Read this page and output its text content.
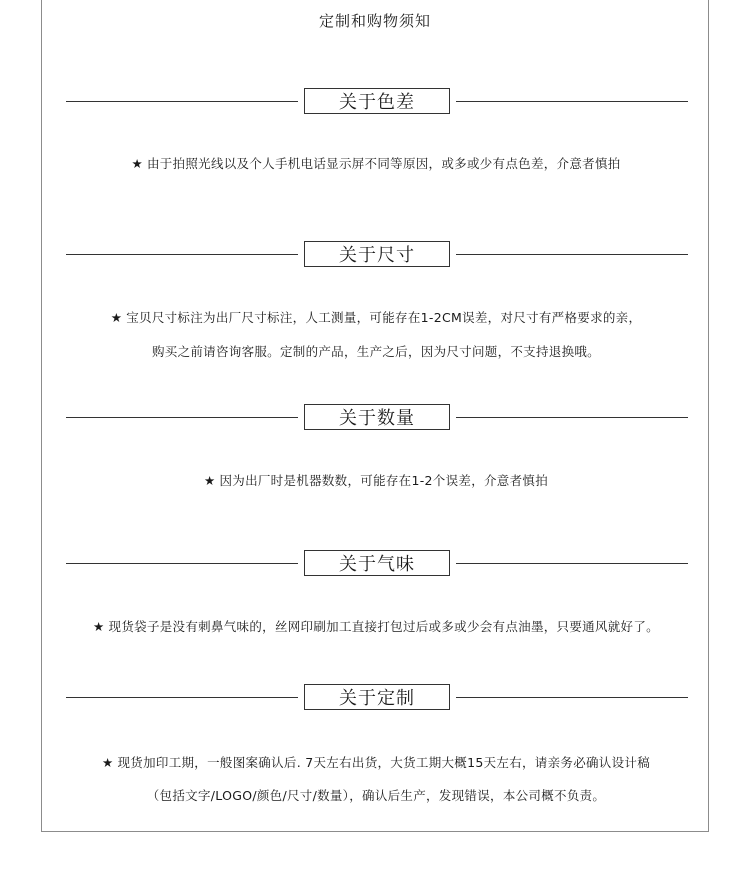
定制和购物须知
关于色差
★ 由于拍照光线以及个人手机电话显示屏不同等原因，或多或少有点色差，介意者慎拍
关于尺寸
★ 宝贝尺寸标注为出厂尺寸标注，人工测量，可能存在1-2CM误差，对尺寸有严格要求的亲，
购买之前请咨询客服。定制的产品，生产之后，因为尺寸问题，不支持退换哦。
关于数量
★ 因为出厂时是机器数数，可能存在1-2个误差，介意者慎拍
关于气味
★ 现货袋子是没有刺鼻气味的，丝网印刷加工直接打包过后或多或少会有点油墨，只要通风就好了。
关于定制
★ 现货加印工期，一般图案确认后. 7天左右出货，大货工期大概15天左右，请亲务必确认设计稿
（包括文字/LOGO/颜色/尺寸/数量），确认后生产，发现错误，本公司概不负责。
